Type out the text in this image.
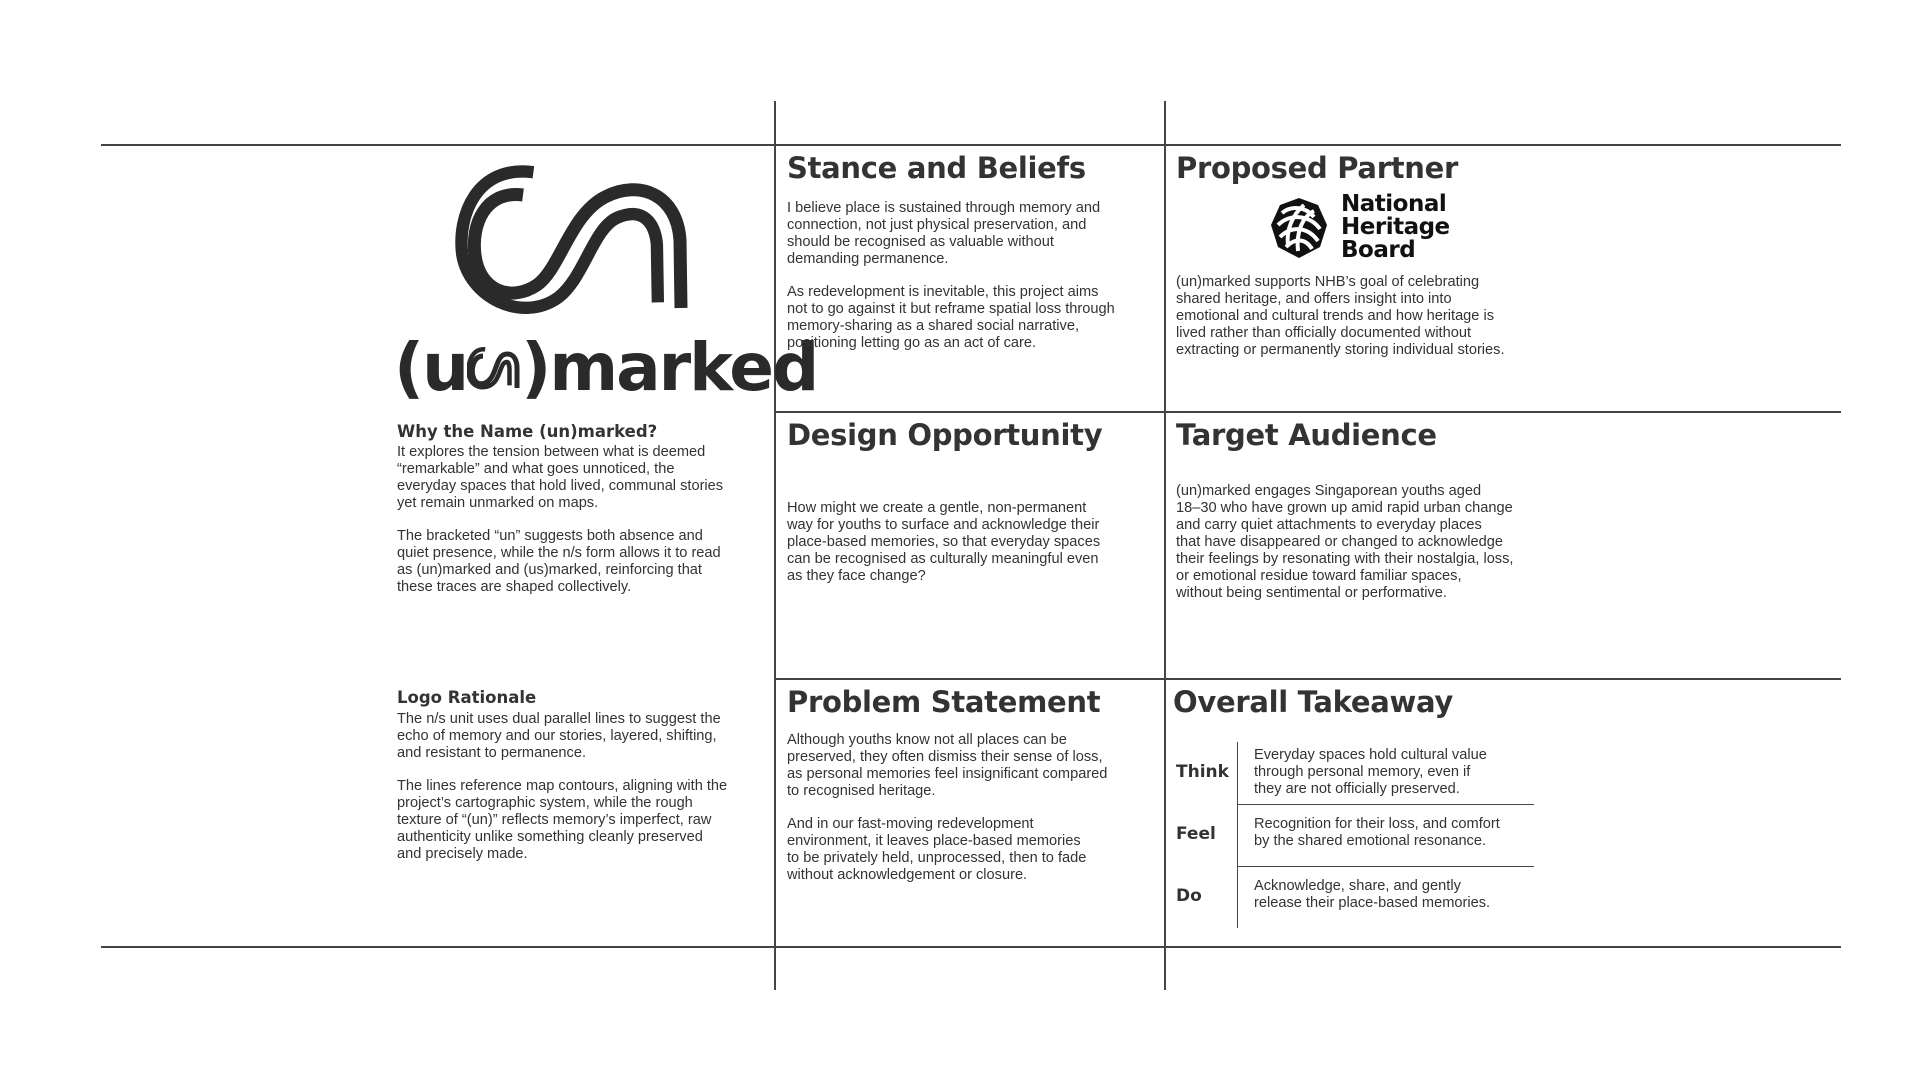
(u )marked
Why the Name (un)marked?
It explores the tension between what is deemed
“remarkable” and what goes unnoticed, the
everyday spaces that hold lived, communal stories
yet remain unmarked on maps.
The bracketed “un” suggests both absence and
quiet presence, while the n/s form allows it to read
as (un)marked and (us)marked, reinforcing that
these traces are shaped collectively.
Logo Rationale
The n/s unit uses dual parallel lines to suggest the
echo of memory and our stories, layered, shifting,
and resistant to permanence.
The lines reference map contours, aligning with the
project’s cartographic system, while the rough
texture of “(un)” reflects memory’s imperfect, raw
authenticity unlike something cleanly preserved
and precisely made.
Stance and Beliefs
I believe place is sustained through memory and
connection, not just physical preservation, and
should be recognised as valuable without
demanding permanence.
As redevelopment is inevitable, this project aims
not to go against it but reframe spatial loss through
memory-sharing as a shared social narrative,
positioning letting go as an act of care.
Proposed Partner
National
Heritage
Board
(un)marked supports NHB’s goal of celebrating
shared heritage, and offers insight into into
emotional and cultural trends and how heritage is
lived rather than officially documented without
extracting or permanently storing individual stories.
Design Opportunity
How might we create a gentle, non-permanent
way for youths to surface and acknowledge their
place-based memories, so that everyday spaces
can be recognised as culturally meaningful even
as they face change?
Target Audience
(un)marked engages Singaporean youths aged
18–30 who have grown up amid rapid urban change
and carry quiet attachments to everyday places
that have disappeared or changed to acknowledge
their feelings by resonating with their nostalgia, loss,
or emotional residue toward familiar spaces,
without being sentimental or performative.
Problem Statement
Although youths know not all places can be
preserved, they often dismiss their sense of loss,
as personal memories feel insignificant compared
to recognised heritage.
And in our fast-moving redevelopment
environment, it leaves place-based memories
to be privately held, unprocessed, then to fade
without acknowledgement or closure.
Overall Takeaway
Think
Everyday spaces hold cultural value
through personal memory, even if
they are not officially preserved.
Feel	Recognition for their loss, and comfort
by the shared emotional resonance.
Do	Acknowledge, share, and gently
release their place-based memories.
